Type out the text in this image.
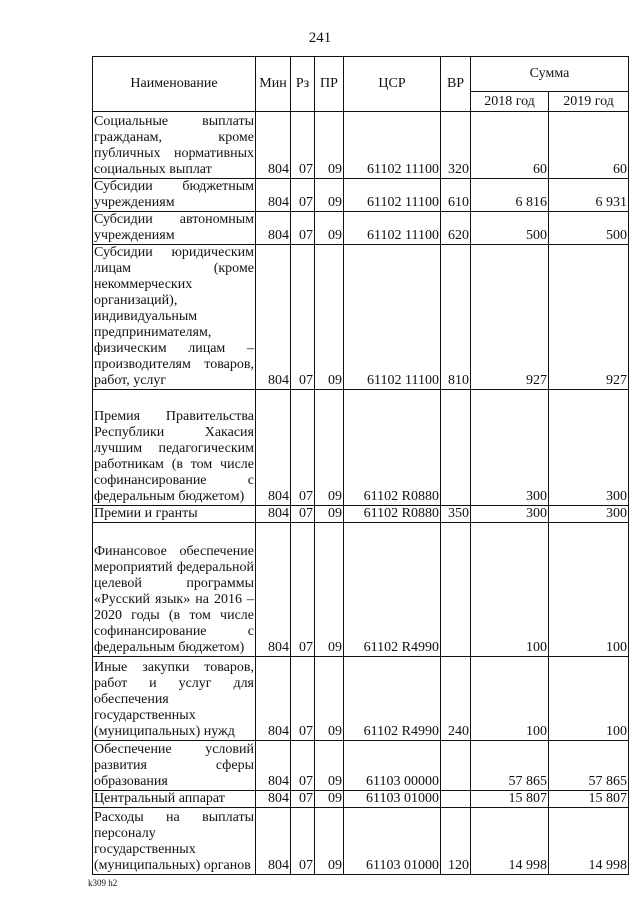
241
Наименование	Мин	Рз	ПР	ЦСР	ВР	Сумма	
						2018 год	2019 год
Социальные выплаты гражданам, кроме публичных нормативных социальных выплат	804	07	09	61102 11100	320	60	60
Субсидии бюджетным учреждениям	804	07	09	61102 11100	610	6 816	6 931
Субсидии автономным учреждениям	804	07	09	61102 11100	620	500	500
Субсидии юридическим лицам (кроме некоммерческих организаций), индивидуальным предпринимателям, физическим лицам – производителям товаров, работ, услуг	804	07	09	61102 11100	810	927	927
Премия Правительства Республики Хакасия лучшим педагогическим работникам (в том числе софинансирование с федеральным бюджетом)	804	07	09	61102 R0880		300	300
Премии и гранты	804	07	09	61102 R0880	350	300	300
Финансовое обеспечение мероприятий федеральной целевой программы «Русский язык» на 2016 – 2020 годы (в том числе софинансирование с федеральным бюджетом)	804	07	09	61102 R4990		100	100
Иные закупки товаров, работ и услуг для обеспечения государственных (муниципальных) нужд	804	07	09	61102 R4990	240	100	100
Обеспечение условий развития сферы образования	804	07	09	61103 00000		57 865	57 865
Центральный аппарат	804	07	09	61103 01000		15 807	15 807
Расходы на выплаты персоналу государственных (муниципальных) органов	804	07	09	61103 01000	120	14 998	14 998
k309 h2
